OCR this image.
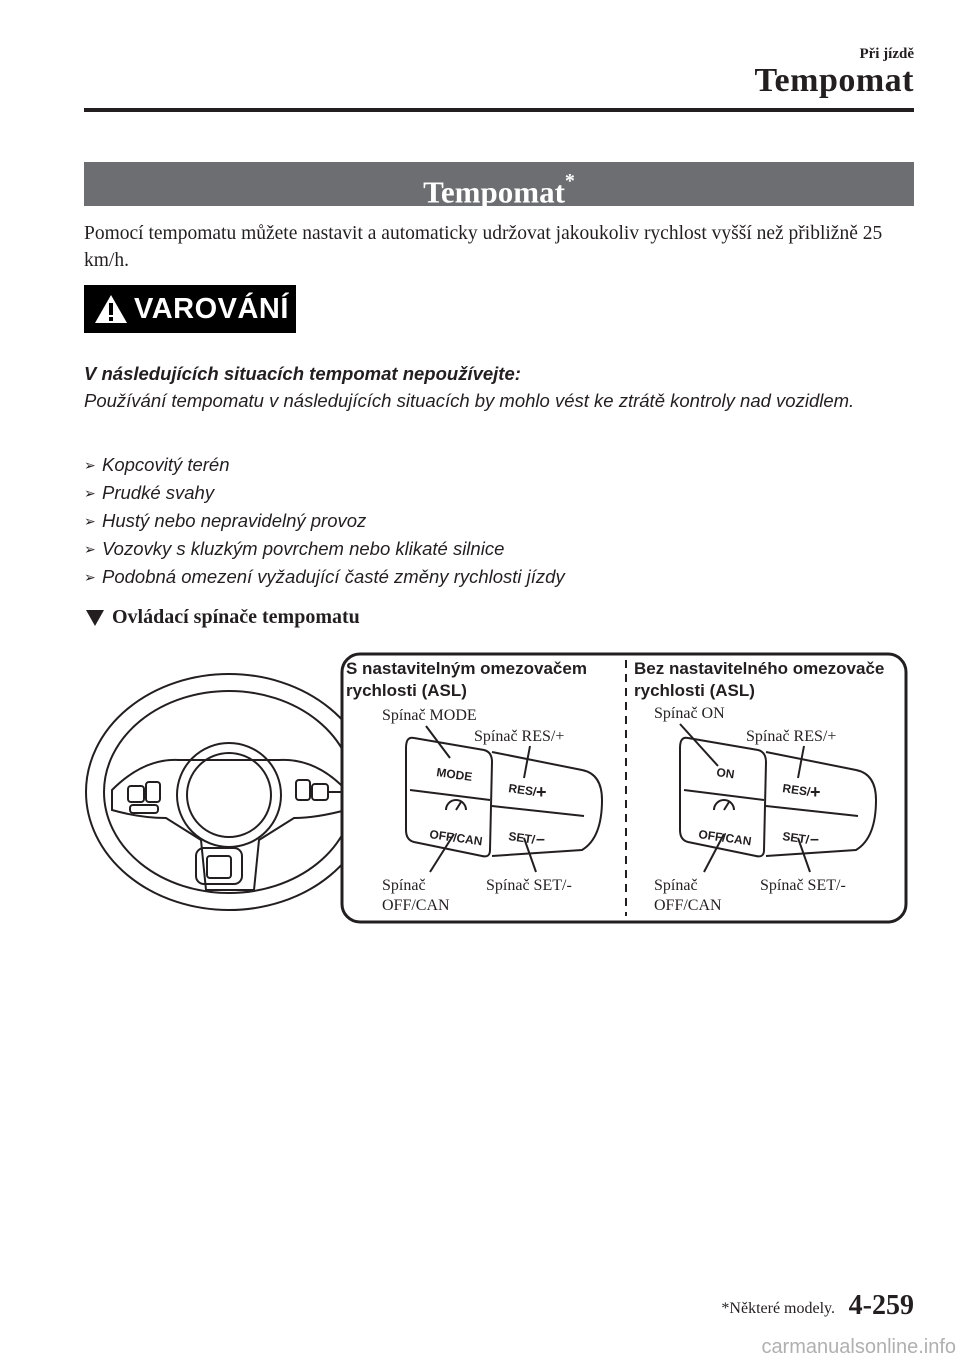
Při jízdě
Tempomat
Tempomat*
Pomocí tempomatu můžete nastavit a automaticky udržovat jakoukoliv rychlost vyšší než přibližně 25 km/h.
VAROVÁNÍ
V následujících situacích tempomat nepoužívejte:
Používání tempomatu v následujících situacích by mohlo vést ke ztrátě kontroly nad vozidlem.
➢ Kopcovitý terén
➢ Prudké svahy
➢ Hustý nebo nepravidelný provoz
➢ Vozovky s kluzkým povrchem nebo klikaté silnice
➢ Podobná omezení vyžadující časté změny rychlosti jízdy
Ovládací spínače tempomatu
S nastavitelným omezovačem
rychlosti (ASL)
Spínač MODE
Spínač RES/+
Spínač
OFF/CAN
Spínač SET/-
MODE
OFF/CAN
RES/
+
SET/ –
Bez nastavitelného omezovače
rychlosti (ASL)
Spínač ON
Spínač RES/+
Spínač
OFF/CAN
Spínač SET/-
ON
OFF/CAN
RES/
+
SET/ –
*Některé modely. 4-259
carmanualsonline.info
